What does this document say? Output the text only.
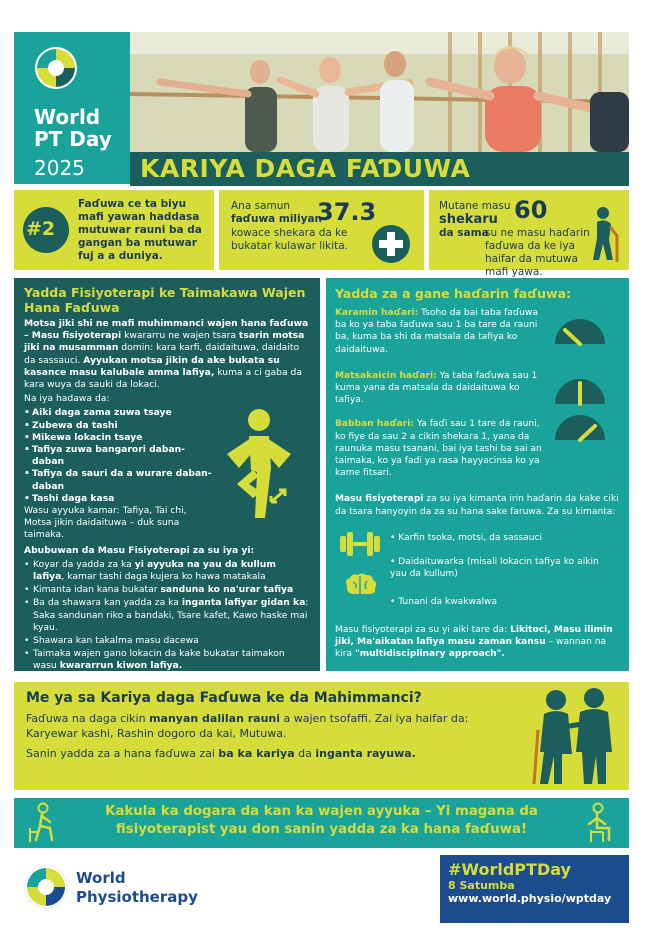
World
PT Day
2025 KARIYA DAGA FAƊUWA
#2
Faɗuwa ce ta biyu mafi yawan haddasa mutuwar rauni ba da gangan ba mutuwar fuj a a duniya.
Ana samun
faɗuwa miliyan
37.3
kowace shekara da ke bukatar kulawar likita.
Mutane masu
shekaru 60
da sama
su ne masu haɗarin faɗuwa da ke iya haifar da mutuwa mafi yawa.
Yadda Fisiyoterapi ke Taimakawa Wajen Hana Faɗuwa

Motsa jiki shi ne mafi muhimmanci wajen hana faɗuwa – Masu fisiyoterapi kwararru ne wajen tsara tsarin motsa jiki na musamman domin: kara karfi, daidaituwa, daidaito da sassauci. Ayyukan motsa jikin da ake bukata su kasance masu kalubale amma lafiya, kuma a ci gaba da kara wuya da sauki da lokaci.

Na iya hadawa da:

• Aiki daga zama zuwa tsaye
• Zubewa da tashi
• Mikewa lokacin tsaye
• Tafiya zuwa bangarori daban-daban
• Tafiya da sauri da a wurare daban-daban
• Tashi daga kasa

Wasu ayyuka kamar: Tafiya, Tai chi, Motsa jikin daidaituwa – duk suna taimaka.

Abubuwan da Masu Fisiyoterapi za su iya yi:

• Koyar da yadda za ka yi ayyuka na yau da kullum lafiya, kamar tashi daga kujera ko hawa matakala
• Kimanta idan kana bukatar sanduna ko na'urar tafiya
• Ba da shawara kan yadda za ka inganta lafiyar gidan ka: Saka sandunan riko a bandaki, Tsare kafet, Kawo haske mai kyau.
• Shawara kan takalma masu dacewa
• Taimaka wajen gano lokacin da kake bukatar taimakon wasu kwararrun kiwon lafiya.
Yadda za a gane haɗarin faɗuwa:

Karamin haɗari: Tsoho da bai taba faɗuwa ba ko ya taba faɗuwa sau 1 ba tare da rauni ba, kuma ba shi da matsala da tafiya ko daidaituwa.

Matsakaicin haɗari: Ya taba faɗuwa sau 1 kuma yana da matsala da daidaituwa ko tafiya.

Babban haɗari: Ya faɗi sau 1 tare da rauni, ko fiye da sau 2 a cikin shekara 1, yana da raunuka masu tsanani, bai iya tashi ba sai an taimaka, ko ya fadi ya rasa hayyacinsa ko ya kame fitsari.

Masu fisiyoterapi za su iya kimanta irin haɗarin da kake ciki da tsara hanyoyin da za su hana sake faruwa. Za su kimanta:

• Karfin tsoka, motsi, da sassauci
• Daidaituwarka (misali lokacin tafiya ko aikin yau da kullum)
• Tunani da kwakwalwa

Masu fisiyoterapi za su yi aiki tare da: Likitoci, Masu ilimin jiki, Ma'aikatan lafiya masu zaman kansu – wannan na kira "multidisciplinary approach".

Me ya sa Kariya daga Faɗuwa ke da Mahimmanci?

Faɗuwa na daga cikin manyan dalilan rauni a wajen tsofaffi. Zai iya haifar da: Karyewar kashi, Rashin dogoro da kai, Mutuwa.

Sanin yadda za a hana faɗuwa zai ba ka kariya da inganta rayuwa.

Kakula ka dogara da kan ka wajen ayyuka – Yi magana da fisiyoterapist yau don sanin yadda za ka hana faɗuwa!
World
Physiotherapy
#WorldPTDay
8 Satumba
www.world.physio/wptday
